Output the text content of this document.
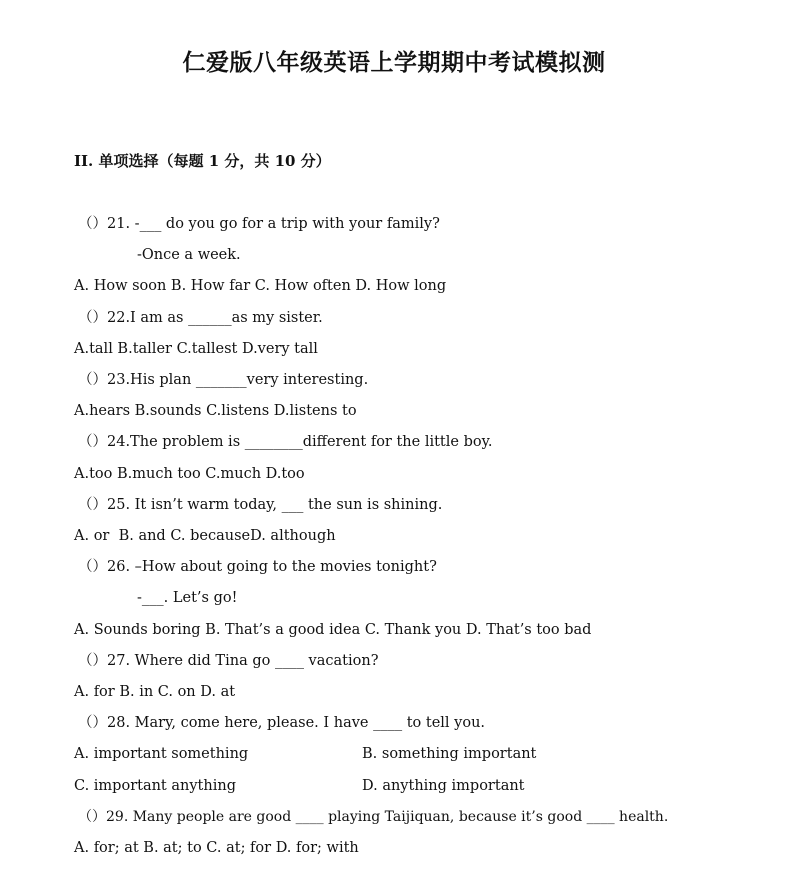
仁爱版八年级英语上学期期中考试模拟测
II. 单项选择（每题 1 分，共 10 分）
（）21. -___ do you go for a trip with your family?
-Once a week.
A. How soon B. How far C. How often D. How long
（）22.I am as ______as my sister.
A.tall B.taller C.tallest D.very tall
（）23.His plan _______very interesting.
A.hears B.sounds C.listens D.listens to
（）24.The problem is ________different for the little boy.
A.too B.much too C.much D.too
（）25. It isn’t warm today, ___ the sun is shining.
A. or  B. and C. becauseD. although
（）26. –How about going to the movies tonight?
-___. Let’s go!
A. Sounds boring B. That’s a good idea C. Thank you D. That’s too bad
（）27. Where did Tina go ____ vacation?
A. for B. in C. on D. at
（）28. Mary, come here, please. I have ____ to tell you.
A. important something	B. something important
C. important anything	D. anything important
（）29. Many people are good ____ playing Taijiquan, because it’s good ____ health.
A. for; at B. at; to C. at; for D. for; with
